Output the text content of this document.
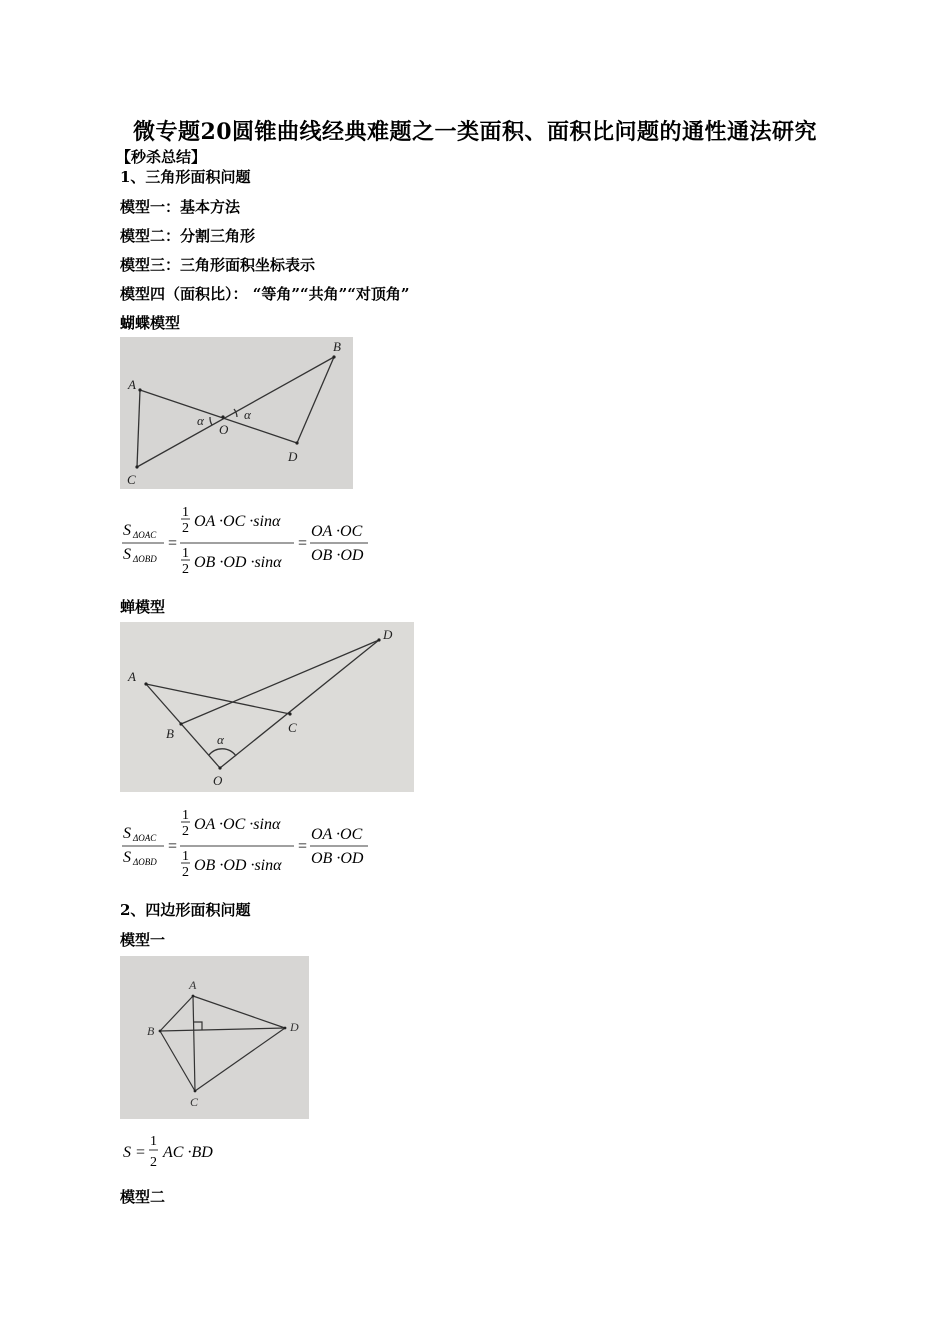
微专题20圆锥曲线经典难题之一类面积、面积比问题的通性通法研究
【秒杀总结】
1、三角形面积问题
模型一：基本方法
模型二：分割三角形
模型三：三角形面积坐标表示
模型四（面积比）： “等角”“共角”“对顶角”
蝴蝶模型
A
B
C
D
O
α	α
S ΔOAC
S ΔOBD
=
1
2 OA ·OC ·sinα
1
2 OB ·OD ·sinα
=
OA ·OC
OB ·OD
蝉模型
A
B	C
D
O
α
S ΔOAC
S ΔOBD
=
1
2 OA ·OC ·sinα
1
2 OB ·OD ·sinα
=
OA ·OC
OB ·OD
2、四边形面积问题
模型一
A
B
C
D
S =
1
2
AC ·BD
模型二
